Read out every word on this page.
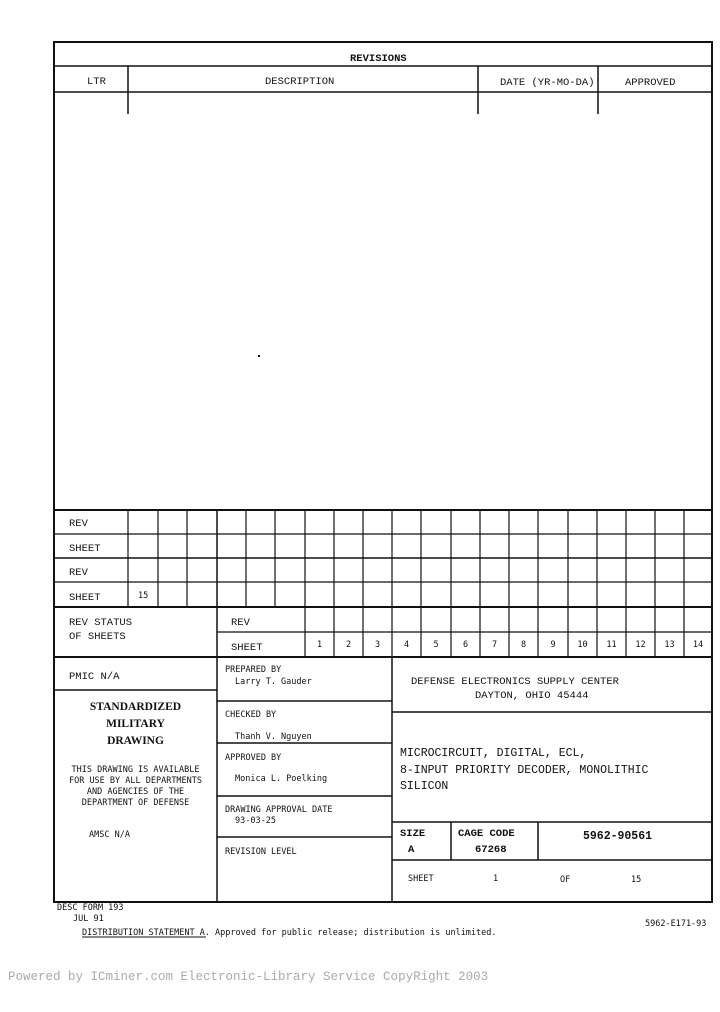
REVISIONS
LTR	DESCRIPTION	DATE (YR-MO-DA)	APPROVED
REV
SHEET
REV
SHEET	15
REV STATUS
OF SHEETS
REV
SHEET	1	2	3	4	5	6	7	8	9	10	11	12	13	14
PMIC N/A
STANDARDIZED
MILITARY
DRAWING
THIS DRAWING IS AVAILABLE
FOR USE BY ALL DEPARTMENTS
AND AGENCIES OF THE
DEPARTMENT OF DEFENSE
AMSC N/A
PREPARED BY
Larry T. Gauder
CHECKED BY
Thanh V. Nguyen
APPROVED BY
Monica L. Poelking
DRAWING APPROVAL DATE
93-03-25
REVISION LEVEL
DEFENSE ELECTRONICS SUPPLY CENTER
DAYTON, OHIO 45444
MICROCIRCUIT, DIGITAL, ECL,
8-INPUT PRIORITY DECODER, MONOLITHIC
SILICON
SIZE
A
CAGE CODE
67268
5962-90561
SHEET	1	OF	15
DESC FORM 193
JUL 91
DISTRIBUTION STATEMENT A. Approved for public release; distribution is unlimited.
5962-E171-93
Powered by ICminer.com Electronic-Library Service CopyRight 2003
